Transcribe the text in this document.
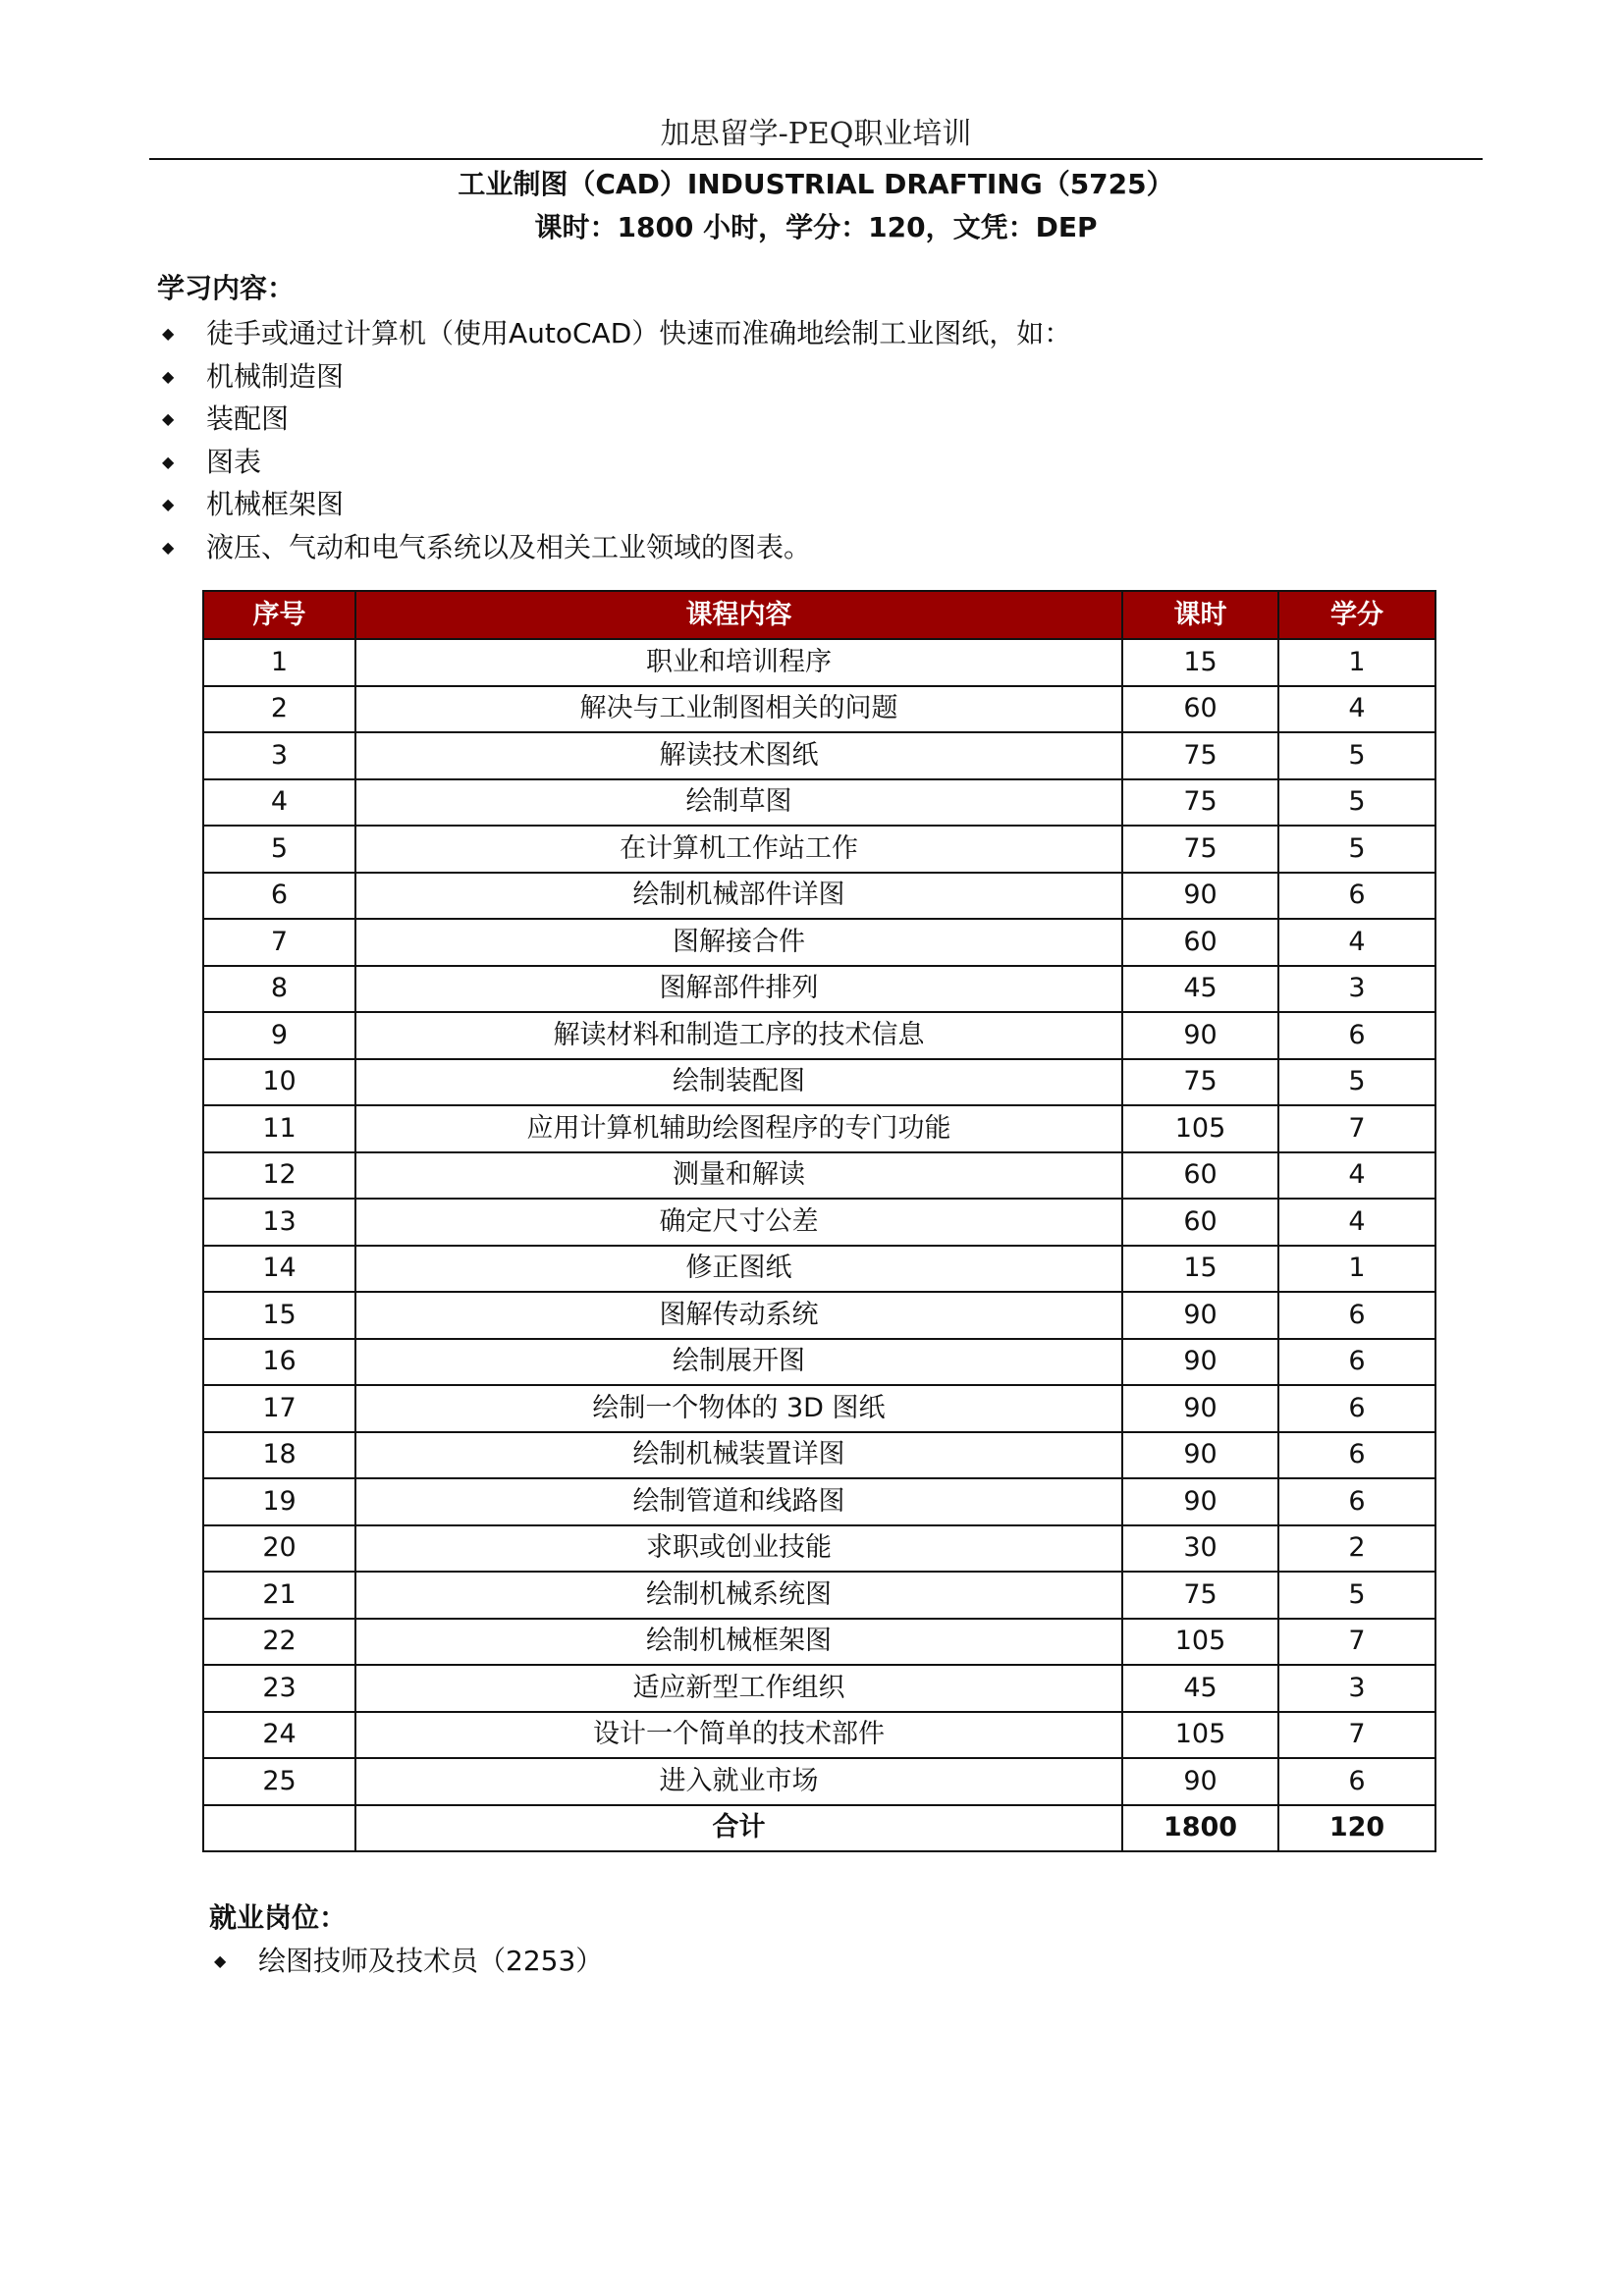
加思留学-PEQ职业培训
工业制图（CAD）INDUSTRIAL DRAFTING（5725）
课时：1800 小时，学分：120，文凭：DEP
学习内容：
◆ 徒手或通过计算机（使用AutoCAD）快速而准确地绘制工业图纸，如：
◆ 机械制造图
◆ 装配图
◆ 图表
◆ 机械框架图
◆ 液压、气动和电气系统以及相关工业领域的图表。
序号	课程内容	课时	学分
1	职业和培训程序	15	1
2	解决与工业制图相关的问题	60	4
3	解读技术图纸	75	5
4	绘制草图	75	5
5	在计算机工作站工作	75	5
6	绘制机械部件详图	90	6
7	图解接合件	60	4
8	图解部件排列	45	3
9	解读材料和制造工序的技术信息	90	6
10	绘制装配图	75	5
11	应用计算机辅助绘图程序的专门功能	105	7
12	测量和解读	60	4
13	确定尺寸公差	60	4
14	修正图纸	15	1
15	图解传动系统	90	6
16	绘制展开图	90	6
17	绘制一个物体的 3D 图纸	90	6
18	绘制机械装置详图	90	6
19	绘制管道和线路图	90	6
20	求职或创业技能	30	2
21	绘制机械系统图	75	5
22	绘制机械框架图	105	7
23	适应新型工作组织	45	3
24	设计一个简单的技术部件	105	7
25	进入就业市场	90	6
	合计	1800	120
就业岗位：
◆ 绘图技师及技术员（2253）
